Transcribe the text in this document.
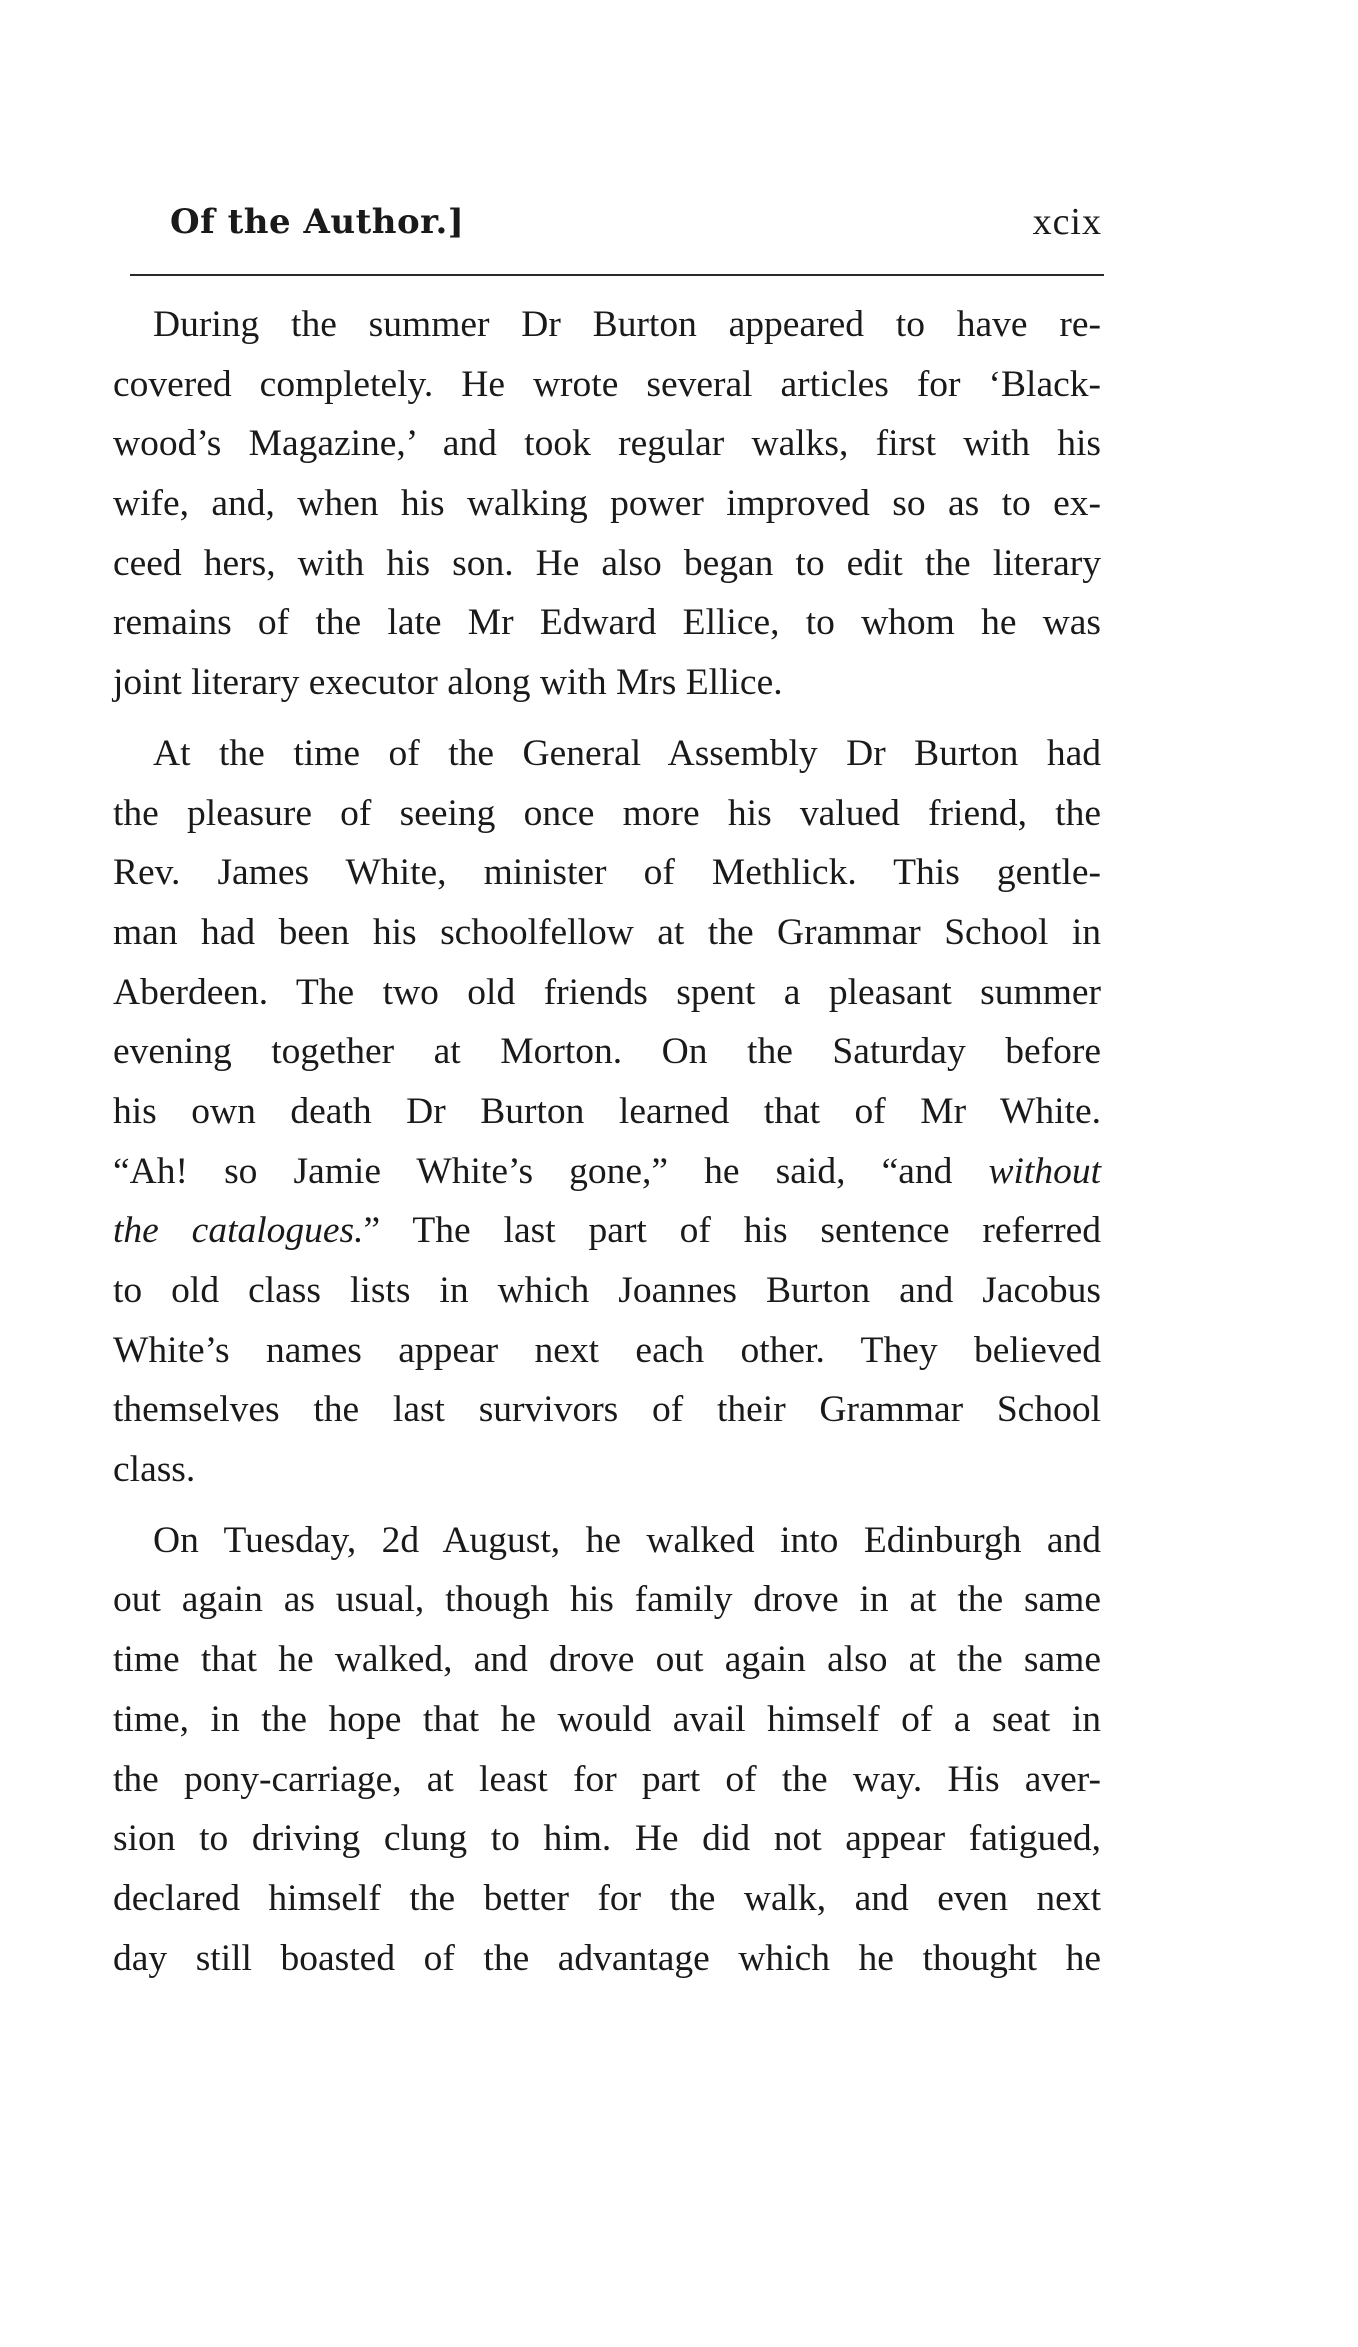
Of the Author.]	xcix

During the summer Dr Burton appeared to have re-
covered completely. He wrote several articles for ‘Black-
wood’s Magazine,’ and took regular walks, first with his
wife, and, when his walking power improved so as to ex-
ceed hers, with his son. He also began to edit the literary
remains of the late Mr Edward Ellice, to whom he was
joint literary executor along with Mrs Ellice.

At the time of the General Assembly Dr Burton had
the pleasure of seeing once more his valued friend, the
Rev. James White, minister of Methlick. This gentle-
man had been his schoolfellow at the Grammar School in
Aberdeen. The two old friends spent a pleasant summer
evening together at Morton. On the Saturday before
his own death Dr Burton learned that of Mr White.
“Ah! so Jamie White’s gone,” he said, “and without
the catalogues.” The last part of his sentence referred
to old class lists in which Joannes Burton and Jacobus
White’s names appear next each other. They believed
themselves the last survivors of their Grammar School
class.

On Tuesday, 2d August, he walked into Edinburgh and
out again as usual, though his family drove in at the same
time that he walked, and drove out again also at the same
time, in the hope that he would avail himself of a seat in
the pony-carriage, at least for part of the way. His aver-
sion to driving clung to him. He did not appear fatigued,
declared himself the better for the walk, and even next
day still boasted of the advantage which he thought he
